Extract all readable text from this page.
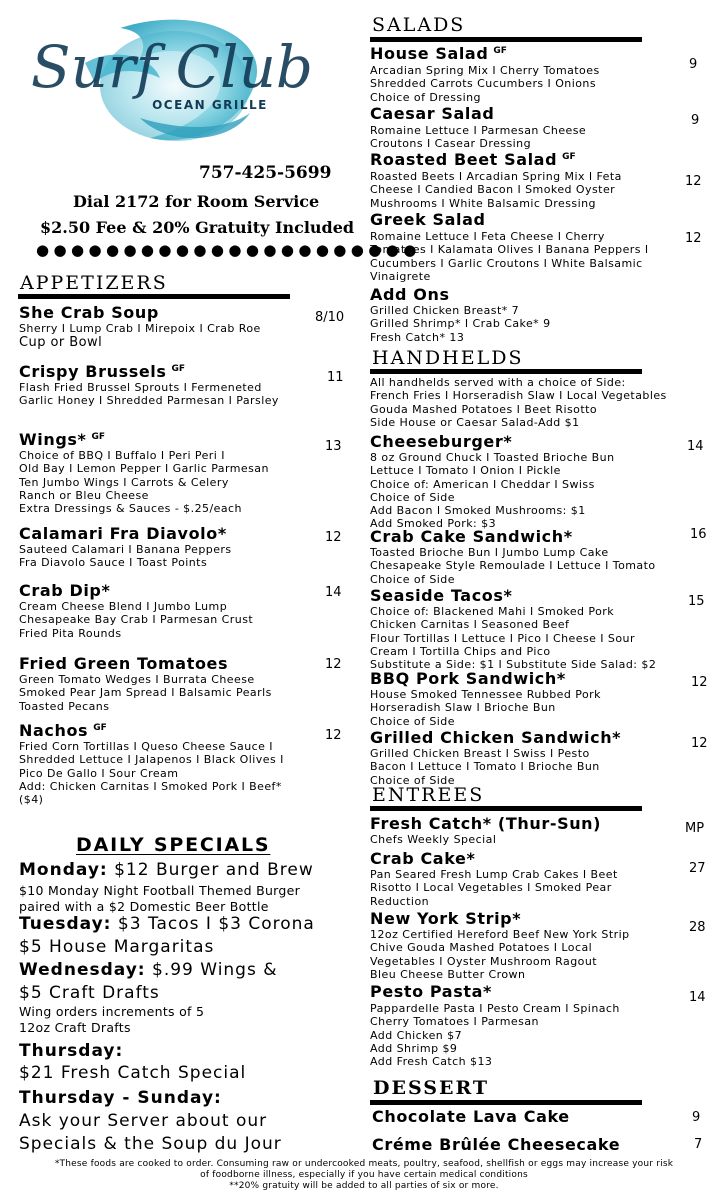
Surf Club
OCEAN GRILLE
757-425-5699
Dial 2172 for Room Service
$2.50 Fee & 20% Gratuity Included
●●●●●●●●●●●●●●●●●●●●●●
APPETIZERS
She Crab Soup
Sherry I Lump Crab I Mirepoix I Crab Roe
Cup or Bowl
8/10
Crispy Brussels $^{GF}$
Flash Fried Brussel Sprouts I Fermeneted
Garlic Honey I Shredded Parmesan I Parsley
11
Wings* $^{GF}$
Choice of BBQ I Buffalo I Peri Peri I
Old Bay I Lemon Pepper I Garlic Parmesan
Ten Jumbo Wings I Carrots & Celery
Ranch or Bleu Cheese
Extra Dressings & Sauces - $.25/each
13
Calamari Fra Diavolo*
Sauteed Calamari I Banana Peppers
Fra Diavolo Sauce I Toast Points
12
Crab Dip*
Cream Cheese Blend I Jumbo Lump
Chesapeake Bay Crab I Parmesan Crust
Fried Pita Rounds
14
Fried Green Tomatoes
Green Tomato Wedges I Burrata Cheese
Smoked Pear Jam Spread I Balsamic Pearls
Toasted Pecans
12
Nachos $^{GF}$
Fried Corn Tortillas I Queso Cheese Sauce I
Shredded Lettuce I Jalapenos I Black Olives I
Pico De Gallo I Sour Cream
Add: Chicken Carnitas I Smoked Pork I Beef*
($4)
12
DAILY SPECIALS
Monday: $12 Burger and Brew
$10 Monday Night Football Themed Burger
paired with a $2 Domestic Beer Bottle
Tuesday: $3 Tacos I $3 Corona
$5 House Margaritas
Wednesday: $.99 Wings &
$5 Craft Drafts
Wing orders increments of 5
12oz Craft Drafts
Thursday:
$21 Fresh Catch Special
Thursday - Sunday:
Ask your Server about our
Specials & the Soup du Jour
SALADS
House Salad $^{GF}$
Arcadian Spring Mix I Cherry Tomatoes
Shredded Carrots Cucumbers I Onions
Choice of Dressing
9
Caesar Salad
Romaine Lettuce I Parmesan Cheese
Croutons I Casear Dressing
9
Roasted Beet Salad $^{GF}$
Roasted Beets I Arcadian Spring Mix I Feta
Cheese I Candied Bacon I Smoked Oyster
Mushrooms I White Balsamic Dressing
12
Greek Salad
Romaine Lettuce I Feta Cheese I Cherry
Tomatoes I Kalamata Olives I Banana Peppers I
Cucumbers I Garlic Croutons I White Balsamic
Vinaigrete
12
Add Ons
Grilled Chicken Breast* 7
Grilled Shrimp* I Crab Cake* 9
Fresh Catch* 13
HANDHELDS
All handhelds served with a choice of Side:
French Fries I Horseradish Slaw I Local Vegetables
Gouda Mashed Potatoes I Beet Risotto
Side House or Caesar Salad-Add $1
Cheeseburger*
8 oz Ground Chuck I Toasted Brioche Bun
Lettuce I Tomato I Onion I Pickle
Choice of: American I Cheddar I Swiss
Choice of Side
Add Bacon I Smoked Mushrooms: $1
Add Smoked Pork: $3
14
Crab Cake Sandwich*
Toasted Brioche Bun I Jumbo Lump Cake
Chesapeake Style Remoulade I Lettuce I Tomato
Choice of Side
16
Seaside Tacos*
Choice of: Blackened Mahi I Smoked Pork
Chicken Carnitas I Seasoned Beef
Flour Tortillas I Lettuce I Pico I Cheese I Sour
Cream I Tortilla Chips and Pico
Substitute a Side: $1 I Substitute Side Salad: $2
15
BBQ Pork Sandwich*
House Smoked Tennessee Rubbed Pork
Horseradish Slaw I Brioche Bun
Choice of Side
12
Grilled Chicken Sandwich*
Grilled Chicken Breast I Swiss I Pesto
Bacon I Lettuce I Tomato I Brioche Bun
Choice of Side
12
ENTREES
Fresh Catch* (Thur-Sun)
Chefs Weekly Special
MP
Crab Cake*
Pan Seared Fresh Lump Crab Cakes I Beet
Risotto I Local Vegetables I Smoked Pear
Reduction
27
New York Strip*
12oz Certified Hereford Beef New York Strip
Chive Gouda Mashed Potatoes I Local
Vegetables I Oyster Mushroom Ragout
Bleu Cheese Butter Crown
28
Pesto Pasta*
Pappardelle Pasta I Pesto Cream I Spinach
Cherry Tomatoes I Parmesan
Add Chicken $7
Add Shrimp $9
Add Fresh Catch $13
14
DESSERT
Chocolate Lava Cake	9
Créme Brûlée Cheesecake	7
*These foods are cooked to order. Consuming raw or undercooked meats, poultry, seafood, shellfish or eggs may increase your risk
of foodborne illness, especially if you have certain medical conditions
**20% gratuity will be added to all parties of six or more.
